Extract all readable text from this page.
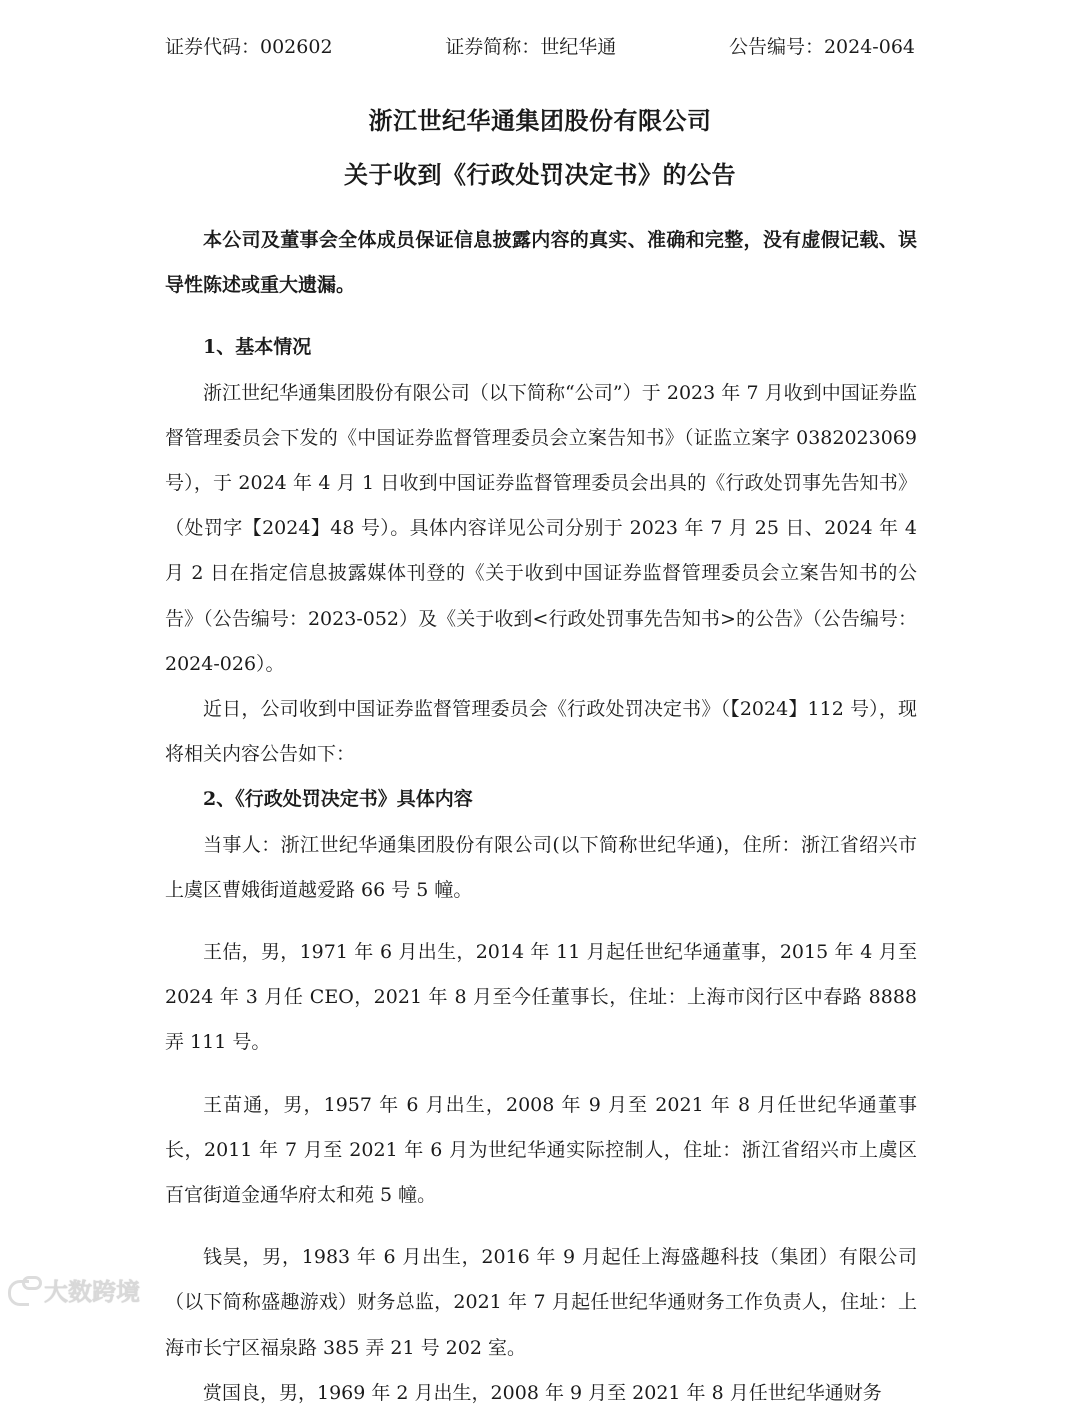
证券代码：002602	证券简称：世纪华通	公告编号：2024-064
浙江世纪华通集团股份有限公司
关于收到《行政处罚决定书》的公告

本公司及董事会全体成员保证信息披露内容的真实、准确和完整，没有虚假记载、误导性陈述或重大遗漏。

1、基本情况

浙江世纪华通集团股份有限公司（以下简称“公司”）于 2023 年 7 月收到中国证券监督管理委员会下发的《中国证券监督管理委员会立案告知书》（证监立案字 0382023069 号），于 2024 年 4 月 1 日收到中国证券监督管理委员会出具的《行政处罚事先告知书》（处罚字【2024】48 号）。具体内容详见公司分别于 2023 年 7 月 25 日、2024 年 4 月 2 日在指定信息披露媒体刊登的《关于收到中国证券监督管理委员会立案告知书的公告》（公告编号：2023-052）及《关于收到<行政处罚事先告知书>的公告》（公告编号：2024-026）。

近日，公司收到中国证券监督管理委员会《行政处罚决定书》（【2024】112 号），现将相关内容公告如下：

2、《行政处罚决定书》具体内容

当事人：浙江世纪华通集团股份有限公司(以下简称世纪华通)，住所：浙江省绍兴市上虞区曹娥街道越爱路 66 号 5 幢。

王佶，男，1971 年 6 月出生，2014 年 11 月起任世纪华通董事，2015 年 4 月至 2024 年 3 月任 CEO，2021 年 8 月至今任董事长，住址：上海市闵行区中春路 8888 弄 111 号。

王苗通，男，1957 年 6 月出生，2008 年 9 月至 2021 年 8 月任世纪华通董事长，2011 年 7 月至 2021 年 6 月为世纪华通实际控制人，住址：浙江省绍兴市上虞区百官街道金通华府太和苑 5 幢。

钱昊，男，1983 年 6 月出生，2016 年 9 月起任上海盛趣科技（集团）有限公司（以下简称盛趣游戏）财务总监，2021 年 7 月起任世纪华通财务工作负责人，住址：上海市长宁区福泉路 385 弄 21 号 202 室。

赏国良，男，1969 年 2 月出生，2008 年 9 月至 2021 年 8 月任世纪华通财务

大数跨境
